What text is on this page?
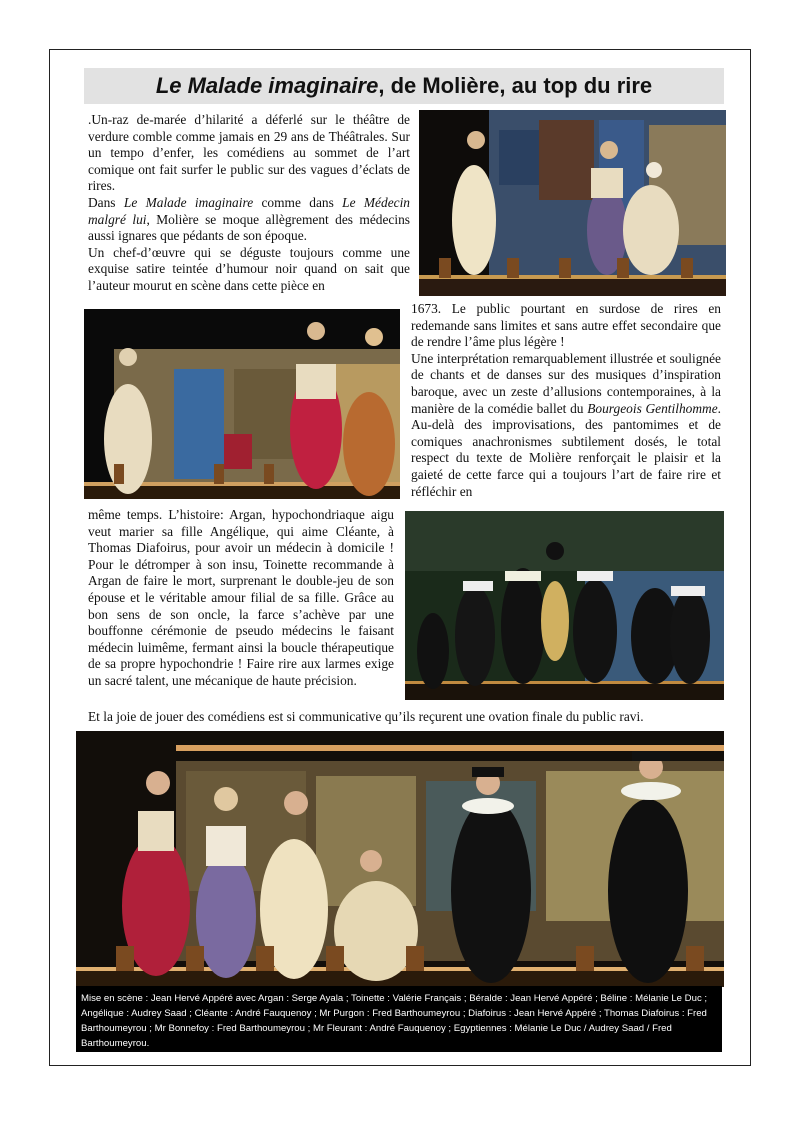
Le Malade imaginaire , de Molière, au top du rire

.Un-raz de-marée d’hilarité a déferlé sur le théâtre de verdure comble comme jamais en 29 ans de Théâtrales. Sur un tempo d’enfer, les comédiens au sommet de l’art comique ont fait surfer le public sur des vagues d’éclats de rires.

Dans Le Malade imaginaire comme dans Le Médecin malgré lui, Molière se moque allègrement des médecins aussi ignares que pédants de son époque.

Un chef-d’œuvre qui se déguste toujours comme une exquise satire teintée d’humour noir quand on sait que l’auteur mourut en scène dans cette pièce en

1673. Le public pourtant en surdose de rires en redemande sans limites et sans autre effet secondaire que de rendre l’âme plus légère !

Une interprétation remarquablement illustrée et soulignée de chants et de danses sur des musiques d’inspiration baroque, avec un zeste d’allusions contemporaines, à la manière de la comédie ballet du Bourgeois Gentilhomme. Au-delà des improvisations, des pantomimes et de comiques anachronismes subtilement dosés, le total respect du texte de Molière renforçait le plaisir et la gaieté de cette farce qui a toujours l’art de faire rire et réfléchir en

même temps. L’histoire: Argan, hypochondriaque aigu veut marier sa fille Angélique, qui aime Cléante, à Thomas Diafoirus, pour avoir un médecin à domicile ! Pour le détromper à son insu, Toinette recommande à Argan de faire le mort, surprenant le double-jeu de son épouse et le véritable amour filial de sa fille. Grâce au bon sens de son oncle, la farce s’achève par une bouffonne cérémonie de pseudo médecins le faisant médecin luimême, fermant ainsi la boucle thérapeutique de sa propre hypochondrie ! Faire rire aux larmes exige un sacré talent, une mécanique de haute précision.

Et la joie de jouer des comédiens est si communicative qu’ils reçurent une ovation finale du public ravi.

Mise en scène : Jean Hervé Appéré avec Argan : Serge Ayala ; Toinette : Valérie Français ; Béralde : Jean Hervé Appéré ; Béline : Mélanie Le Duc ; Angélique : Audrey Saad ; Cléante : André Fauquenoy ; Mr Purgon : Fred Barthoumeyrou ; Diafoirus : Jean Hervé Appéré ; Thomas Diafoirus : Fred Barthoumeyrou ; Mr Bonnefoy : Fred Barthoumeyrou ; Mr Fleurant : André Fauquenoy ; Egyptiennes : Mélanie Le Duc / Audrey Saad / Fred Barthoumeyrou.
